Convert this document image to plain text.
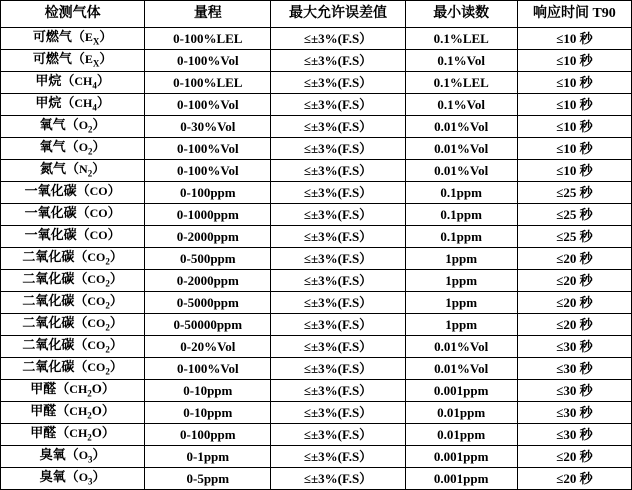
检测气体	量程	最大允许误差值	最小读数	响应时间 T90
可燃气$(E_X)$	0-100%LEL	≤±3%(F.S）	0.1%LEL	≤10 秒
可燃气$(E_X)$	0-100%Vol	≤±3%(F.S）	0.1%Vol	≤10 秒
甲烷$(CH_4)$	0-100%LEL	≤±3%(F.S）	0.1%LEL	≤10 秒
甲烷$(CH_4)$	0-100%Vol	≤±3%(F.S）	0.1%Vol	≤10 秒
氧气$(O_2)$	0-30%Vol	≤±3%(F.S）	0.01%Vol	≤10 秒
氧气$(O_2)$	0-100%Vol	≤±3%(F.S）	0.01%Vol	≤10 秒
氮气$(N_2)$	0-100%Vol	≤±3%(F.S）	0.01%Vol	≤10 秒
一氧化碳（CO）	0-100ppm	≤±3%(F.S）	0.1ppm	≤25 秒
一氧化碳（CO）	0-1000ppm	≤±3%(F.S）	0.1ppm	≤25 秒
一氧化碳（CO）	0-2000ppm	≤±3%(F.S）	0.1ppm	≤25 秒
二氧化碳$(CO_2)$	0-500ppm	≤±3%(F.S）	1ppm	≤20 秒
二氧化碳$(CO_2)$	0-2000ppm	≤±3%(F.S）	1ppm	≤20 秒
二氧化碳$(CO_2)$	0-5000ppm	≤±3%(F.S）	1ppm	≤20 秒
二氧化碳$(CO_2)$	0-50000ppm	≤±3%(F.S）	1ppm	≤20 秒
二氧化碳$(CO_2)$	0-20%Vol	≤±3%(F.S）	0.01%Vol	≤30 秒
二氧化碳$(CO_2)$	0-100%Vol	≤±3%(F.S）	0.01%Vol	≤30 秒
甲醛$(CH_2O)$	0-10ppm	≤±3%(F.S）	0.001ppm	≤30 秒
甲醛$(CH_2O)$	0-10ppm	≤±3%(F.S）	0.01ppm	≤30 秒
甲醛$(CH_2O)$	0-100ppm	≤±3%(F.S）	0.01ppm	≤30 秒
臭氧$(O_3)$	0-1ppm	≤±3%(F.S）	0.001ppm	≤20 秒
臭氧$(O_3)$	0-5ppm	≤±3%(F.S）	0.001ppm	≤20 秒
